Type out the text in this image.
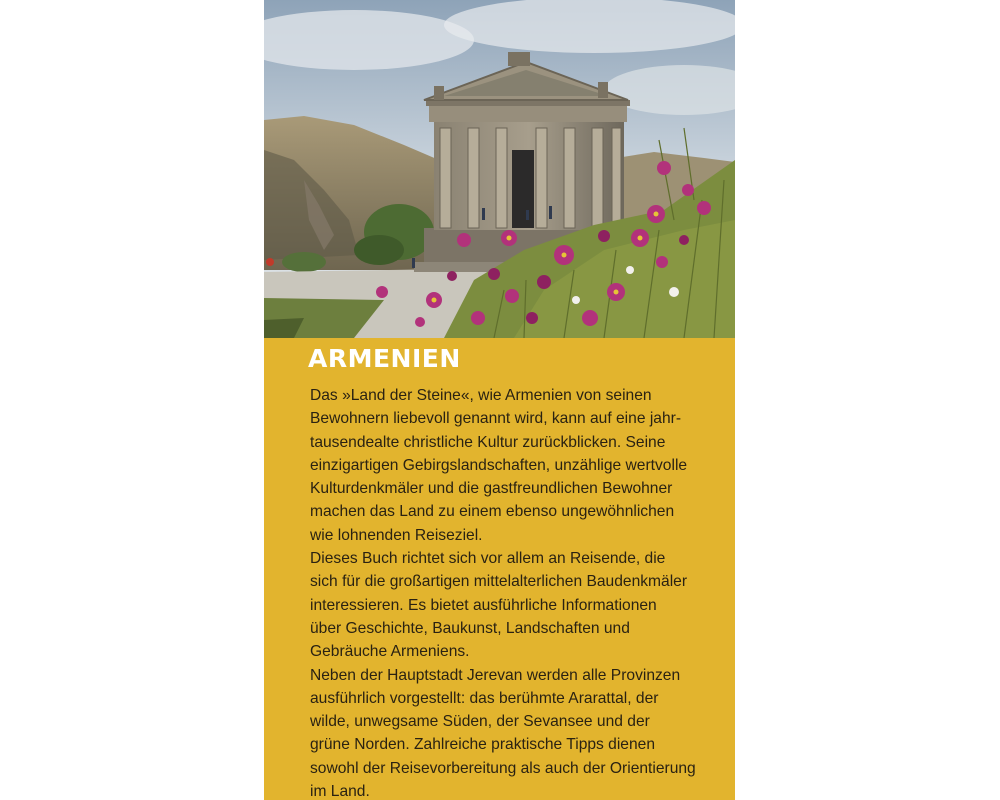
ARMENIEN
Das »Land der Steine«, wie Armenien von seinen
Bewohnern liebevoll genannt wird, kann auf eine jahr-
tausendealte christliche Kultur zurückblicken. Seine
einzigartigen Gebirgslandschaften, unzählige wertvolle
Kulturdenkmäler und die gastfreundlichen Bewohner
machen das Land zu einem ebenso ungewöhnlichen
wie lohnenden Reiseziel.
Dieses Buch richtet sich vor allem an Reisende, die
sich für die großartigen mittelalterlichen Baudenkmäler
interessieren. Es bietet ausführliche Informationen
über Geschichte, Baukunst, Landschaften und
Gebräuche Armeniens.
Neben der Hauptstadt Jerevan werden alle Provinzen
ausführlich vorgestellt: das berühmte Ararattal, der
wilde, unwegsame Süden, der Sevansee und der
grüne Norden. Zahlreiche praktische Tipps dienen
sowohl der Reisevorbereitung als auch der Orientierung
im Land.
